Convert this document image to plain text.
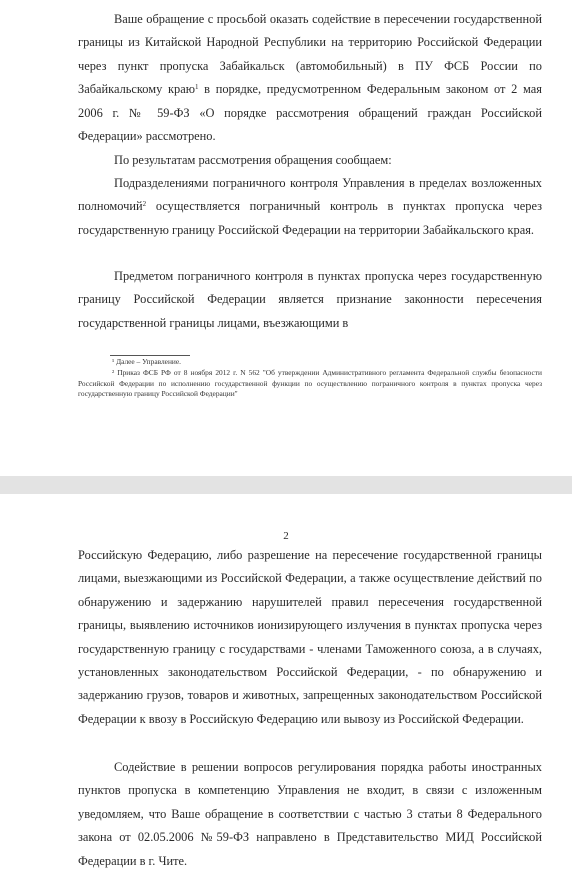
Ваше обращение с просьбой оказать содействие в пересечении государственной границы из Китайской Народной Республики на территорию Российской Федерации через пункт пропуска Забайкальск (автомобильный) в ПУ ФСБ России по Забайкальскому краю$^1$ в порядке, предусмотренном Федеральным законом от 2 мая 2006 г. № 59-ФЗ «О порядке рассмотрения обращений граждан Российской Федерации» рассмотрено.

По результатам рассмотрения обращения сообщаем:

Подразделениями пограничного контроля Управления в пределах возложенных полномочий$^2$ осуществляется пограничный контроль в пунктах пропуска через государственную границу Российской Федерации на территории Забайкальского края.

Предметом пограничного контроля в пунктах пропуска через государственную границу Российской Федерации является признание законности пересечения государственной границы лицами, въезжающими в

¹ Далее – Управление.

² Приказ ФСБ РФ от 8 ноября 2012 г. N 562 "Об утверждении Административного регламента Федеральной службы безопасности Российской Федерации по исполнению государственной функции по осуществлению пограничного контроля в пунктах пропуска через государственную границу Российской Федерации"

2

Российскую Федерацию, либо разрешение на пересечение государственной границы лицами, выезжающими из Российской Федерации, а также осуществление действий по обнаружению и задержанию нарушителей правил пересечения государственной границы, выявлению источников ионизирующего излучения в пунктах пропуска через государственную границу с государствами - членами Таможенного союза, а в случаях, установленных законодательством Российской Федерации, - по обнаружению и задержанию грузов, товаров и животных, запрещенных законодательством Российской Федерации к ввозу в Российскую Федерацию или вывозу из Российской Федерации.

Содействие в решении вопросов регулирования порядка работы иностранных пунктов пропуска в компетенцию Управления не входит, в связи с изложенным уведомляем, что Ваше обращение в соответствии с частью 3 статьи 8 Федерального закона от 02.05.2006 №59-ФЗ направлено в Представительство МИД Российской Федерации в г. Чите.
